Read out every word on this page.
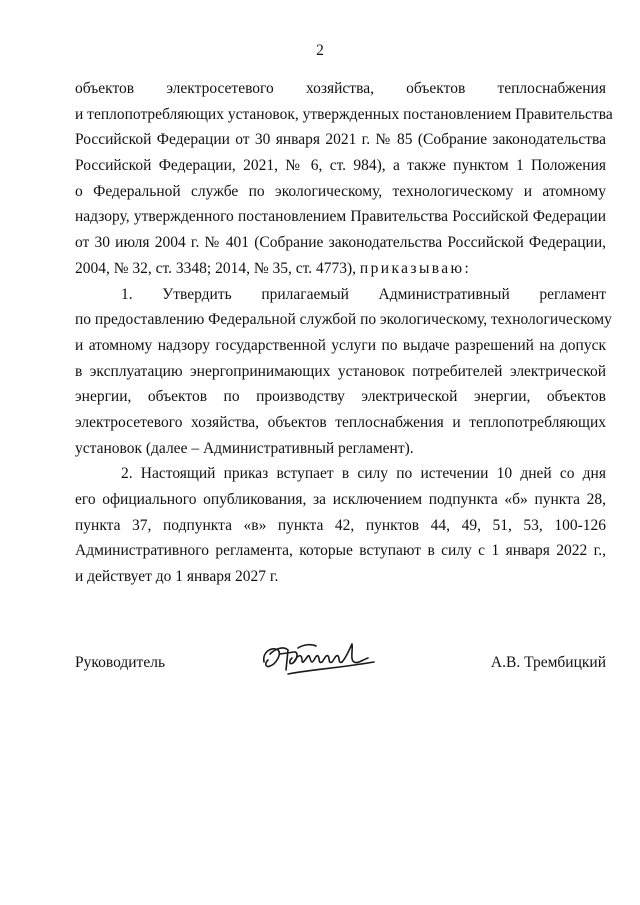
2
объектов электросетевого хозяйства, объектов теплоснабжения
и теплопотребляющих установок, утвержденных постановлением Правительства
Российской Федерации от 30 января 2021 г. № 85 (Собрание законодательства
Российской Федерации, 2021, № 6, ст. 984), а также пунктом 1 Положения
о Федеральной службе по экологическому, технологическому и атомному
надзору, утвержденного постановлением Правительства Российской Федерации
от 30 июля 2004 г. № 401 (Собрание законодательства Российской Федерации,
2004, № 32, ст. 3348; 2014, № 35, ст. 4773), приказываю:
1. Утвердить прилагаемый Административный регламент
по предоставлению Федеральной службой по экологическому, технологическому
и атомному надзору государственной услуги по выдаче разрешений на допуск
в эксплуатацию энергопринимающих установок потребителей электрической
энергии, объектов по производству электрической энергии, объектов
электросетевого хозяйства, объектов теплоснабжения и теплопотребляющих
установок (далее – Административный регламент).
2. Настоящий приказ вступает в силу по истечении 10 дней со дня
его официального опубликования, за исключением подпункта «б» пункта 28,
пункта 37, подпункта «в» пункта 42, пунктов 44, 49, 51, 53, 100-126
Административного регламента, которые вступают в силу с 1 января 2022 г.,
и действует до 1 января 2027 г.
Руководитель	А.В. Трембицкий
